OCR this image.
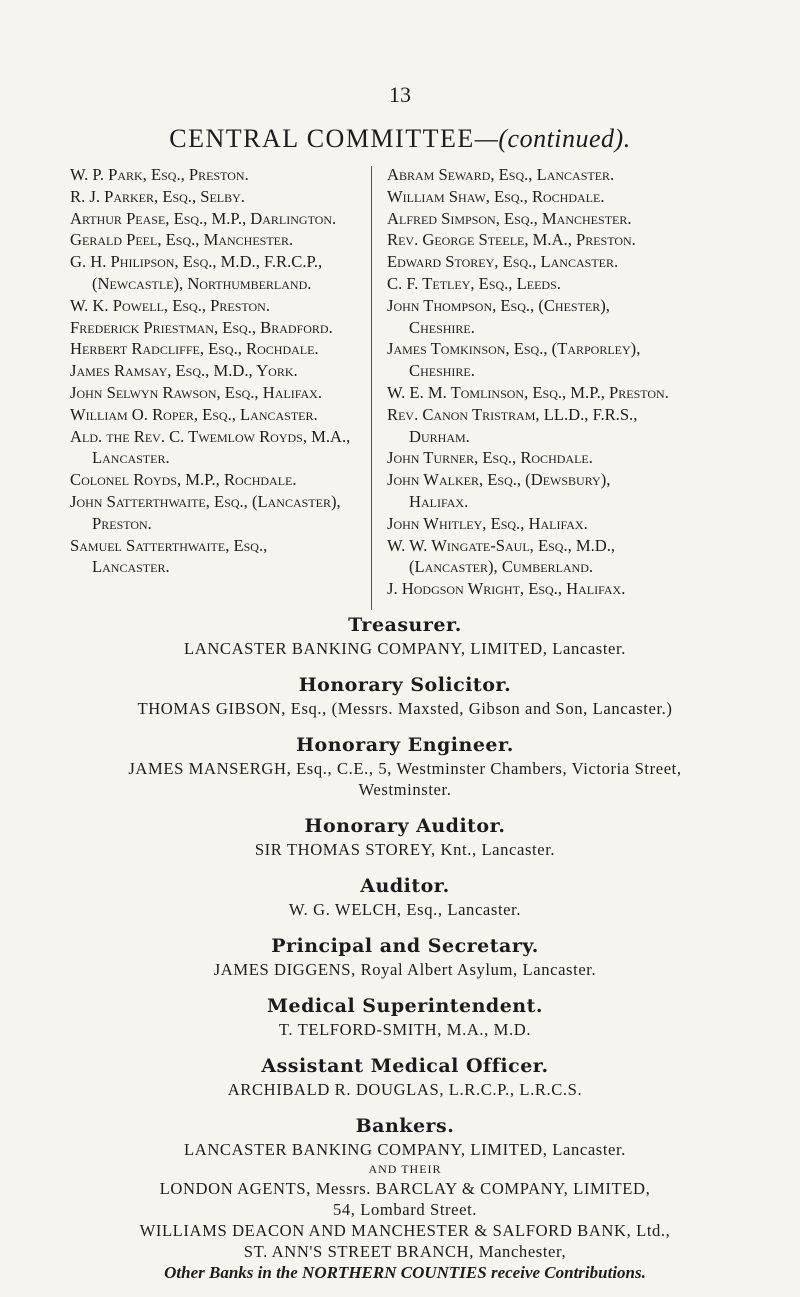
13
CENTRAL COMMITTEE—(continued).
W. P. Park, Esq., Preston.
R. J. Parker, Esq., Selby.
Arthur Pease, Esq., M.P., Darlington.
Gerald Peel, Esq., Manchester.
G. H. Philipson, Esq., M.D., F.R.C.P.,
(Newcastle), Northumberland.
W. K. Powell, Esq., Preston.
Frederick Priestman, Esq., Bradford.
Herbert Radcliffe, Esq., Rochdale.
James Ramsay, Esq., M.D., York.
John Selwyn Rawson, Esq., Halifax.
William O. Roper, Esq., Lancaster.
Ald. the Rev. C. Twemlow Royds, M.A.,
Lancaster.
Colonel Royds, M.P., Rochdale.
John Satterthwaite, Esq., (Lancaster),
Preston.
Samuel Satterthwaite, Esq.,
Lancaster.
Abram Seward, Esq., Lancaster.
William Shaw, Esq., Rochdale.
Alfred Simpson, Esq., Manchester.
Rev. George Steele, M.A., Preston.
Edward Storey, Esq., Lancaster.
C. F. Tetley, Esq., Leeds.
John Thompson, Esq., (Chester),
Cheshire.
James Tomkinson, Esq., (Tarporley),
Cheshire.
W. E. M. Tomlinson, Esq., M.P., Preston.
Rev. Canon Tristram, LL.D., F.R.S.,
Durham.
John Turner, Esq., Rochdale.
John Walker, Esq., (Dewsbury),
Halifax.
John Whitley, Esq., Halifax.
W. W. Wingate-Saul, Esq., M.D.,
(Lancaster), Cumberland.
J. Hodgson Wright, Esq., Halifax.
Treasurer.
LANCASTER BANKING COMPANY, LIMITED, Lancaster.
Honorary Solicitor.
THOMAS GIBSON, Esq., (Messrs. Maxsted, Gibson and Son, Lancaster.)
Honorary Engineer.
JAMES MANSERGH, Esq., C.E., 5, Westminster Chambers, Victoria Street,
Westminster.
Honorary Auditor.
SIR THOMAS STOREY, Knt., Lancaster.
Auditor.
W. G. WELCH, Esq., Lancaster.
Principal and Secretary.
JAMES DIGGENS, Royal Albert Asylum, Lancaster.
Medical Superintendent.
T. TELFORD-SMITH, M.A., M.D.
Assistant Medical Officer.
ARCHIBALD R. DOUGLAS, L.R.C.P., L.R.C.S.
Bankers.
LANCASTER BANKING COMPANY, LIMITED, Lancaster.
AND THEIR
LONDON AGENTS, Messrs. BARCLAY & COMPANY, LIMITED,
54, Lombard Street.
WILLIAMS DEACON AND MANCHESTER & SALFORD BANK, Ltd.,
ST. ANN'S STREET BRANCH, Manchester,
Other Banks in the NORTHERN COUNTIES receive Contributions.
